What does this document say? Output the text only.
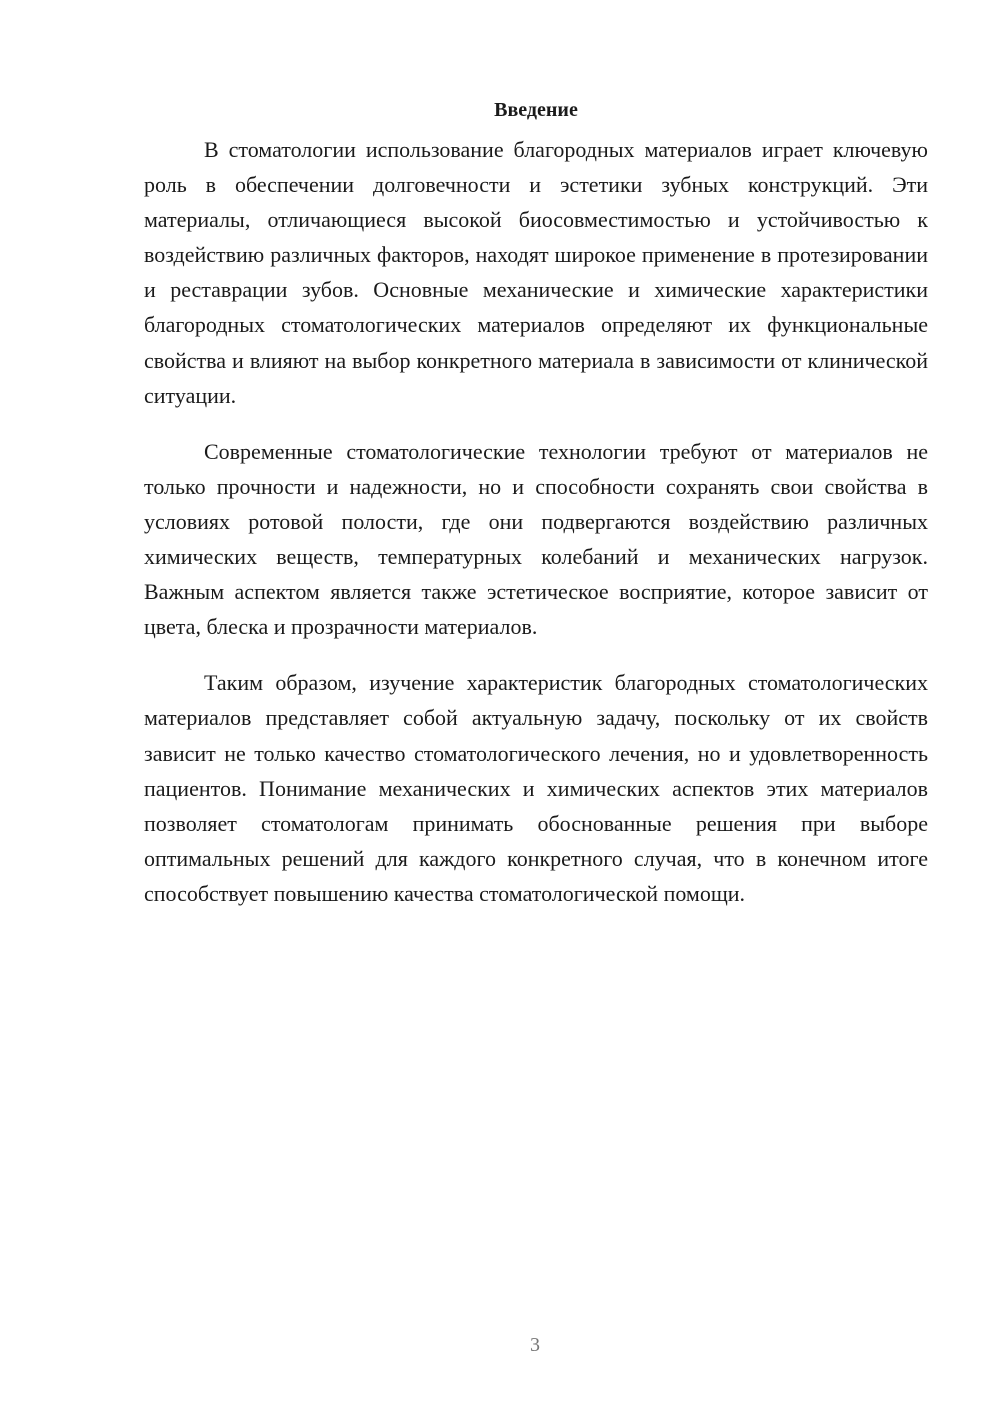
Введение

В стоматологии использование благородных материалов играет ключевую роль в обеспечении долговечности и эстетики зубных конструкций. Эти материалы, отличающиеся высокой биосовместимостью и устойчивостью к воздействию различных факторов, находят широкое применение в протезировании и реставрации зубов. Основные механические и химические характеристики благородных стоматологических материалов определяют их функциональные свойства и влияют на выбор конкретного материала в зависимости от клинической ситуации.

Современные стоматологические технологии требуют от материалов не только прочности и надежности, но и способности сохранять свои свойства в условиях ротовой полости, где они подвергаются воздействию различных химических веществ, температурных колебаний и механических нагрузок. Важным аспектом является также эстетическое восприятие, которое зависит от цвета, блеска и прозрачности материалов.

Таким образом, изучение характеристик благородных стоматологических материалов представляет собой актуальную задачу, поскольку от их свойств зависит не только качество стоматологического лечения, но и удовлетворенность пациентов. Понимание механических и химических аспектов этих материалов позволяет стоматологам принимать обоснованные решения при выборе оптимальных решений для каждого конкретного случая, что в конечном итоге способствует повышению качества стоматологической помощи.

3
